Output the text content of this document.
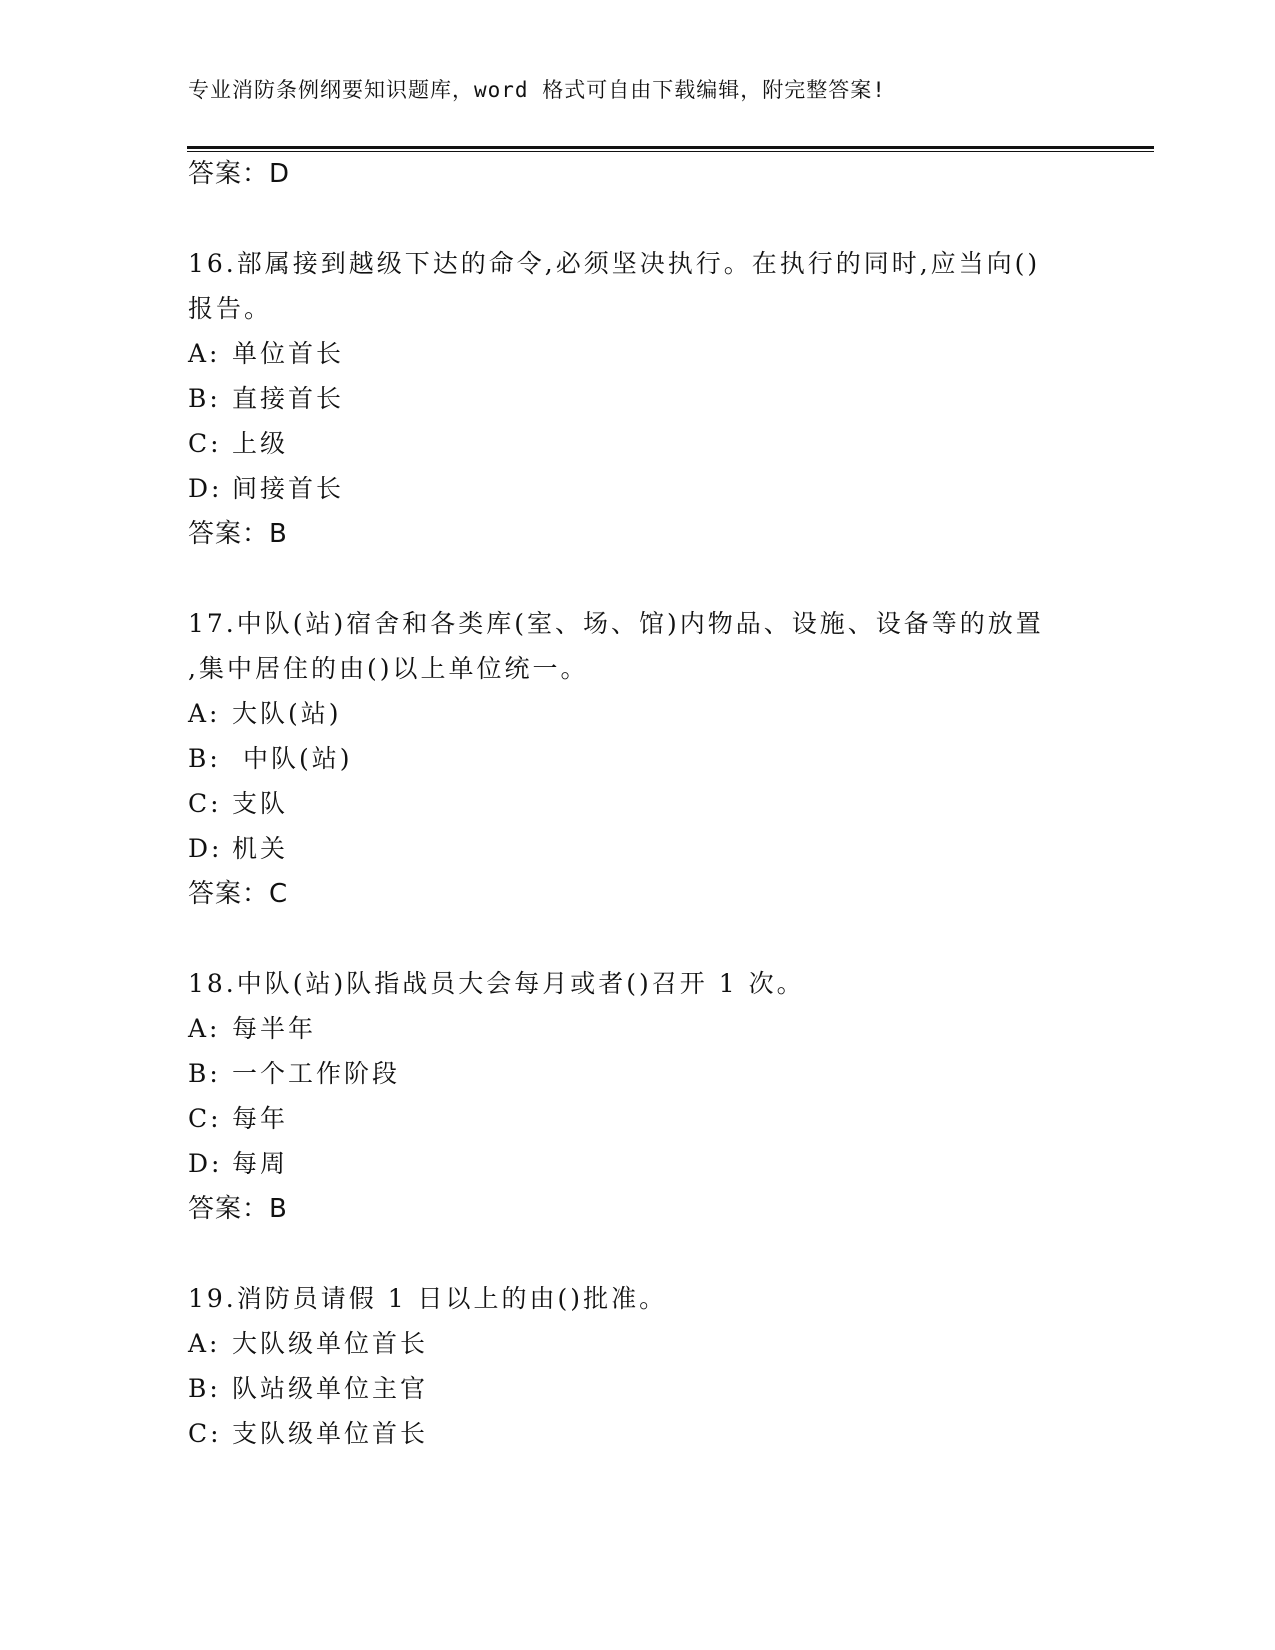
专业消防条例纲要知识题库，word 格式可自由下载编辑，附完整答案!
答案：D
16.部属接到越级下达的命令,必须坚决执行。在执行的同时,应当向()
报告。
A: 单位首长
B: 直接首长
C: 上级
D: 间接首长
答案：B
17.中队(站)宿舍和各类库(室、场、馆)内物品、设施、设备等的放置
,集中居住的由()以上单位统一。
A: 大队(站)
B: 中队(站)
C: 支队
D: 机关
答案：C
18.中队(站)队指战员大会每月或者()召开 1 次。
A: 每半年
B: 一个工作阶段
C: 每年
D: 每周
答案：B
19.消防员请假 1 日以上的由()批准。
A: 大队级单位首长
B: 队站级单位主官
C: 支队级单位首长
